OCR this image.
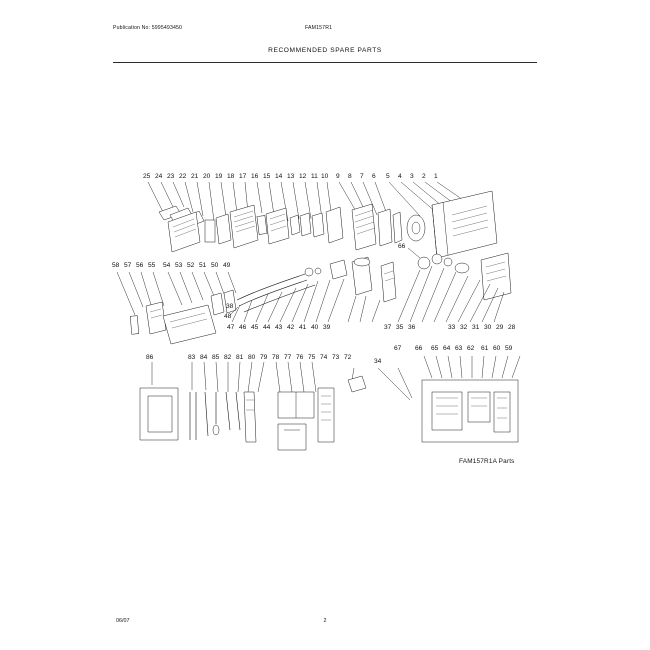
Publication No: 5995493450	FAM157R1
RECOMMENDED SPARE PARTS
06/07	2
25 24 23 22 21 20 19 18 17 16 15 14 13 12 11 10 9 8 7 6 5 4 3 2 1
58 57 56 55 54 53 52 51 50 49
66
38
48
47 46 45 44 43 42 41 40 39	37 35 36	33 32 31 30 29 28
86	83 84 85 82 81 80 79 78 77 76 75 74 73 72
34
67 66 65 64 63 62 61 60 59
FAM157R1A Parts
